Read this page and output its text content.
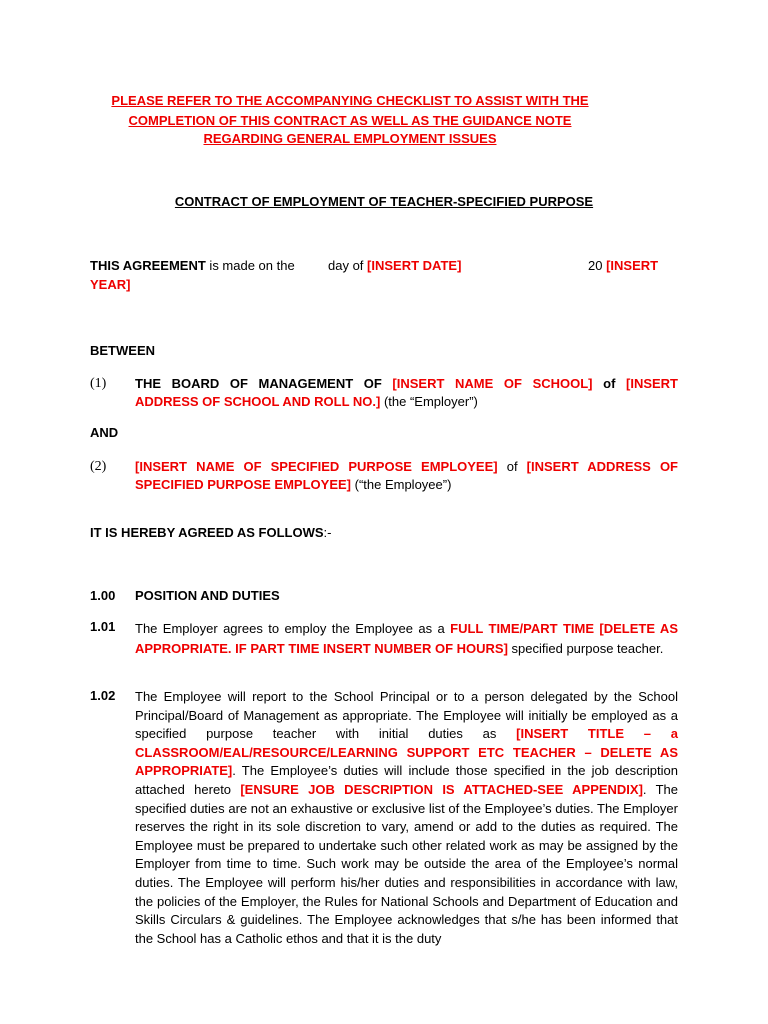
PLEASE REFER TO THE ACCOMPANYING CHECKLIST TO ASSIST WITH THE
COMPLETION OF THIS CONTRACT AS WELL AS THE GUIDANCE NOTE
REGARDING GENERAL EMPLOYMENT ISSUES
CONTRACT OF EMPLOYMENT OF TEACHER-SPECIFIED PURPOSE
THIS AGREEMENT is made on the	day of [INSERT DATE]	20 [INSERT
YEAR]
BETWEEN
(1) THE BOARD OF MANAGEMENT OF [INSERT NAME OF SCHOOL] of [INSERT
ADDRESS OF SCHOOL AND ROLL NO.] (the “Employer”)
AND
(2) [INSERT NAME OF SPECIFIED PURPOSE EMPLOYEE] of [INSERT ADDRESS OF
SPECIFIED PURPOSE EMPLOYEE] (“the Employee”)
IT IS HEREBY AGREED AS FOLLOWS:-
1.00 POSITION AND DUTIES
1.01 The Employer agrees to employ the Employee as a FULL TIME/PART TIME [DELETE AS APPROPRIATE. IF PART TIME INSERT NUMBER OF HOURS] specified purpose teacher.
1.02 The Employee will report to the School Principal or to a person delegated by the School Principal/Board of Management as appropriate. The Employee will initially be employed as a specified purpose teacher with initial duties as [INSERT TITLE – a CLASSROOM/EAL/RESOURCE/LEARNING SUPPORT ETC TEACHER – DELETE AS APPROPRIATE]. The Employee’s duties will include those specified in the job description attached hereto [ENSURE JOB DESCRIPTION IS ATTACHED-SEE APPENDIX]. The specified duties are not an exhaustive or exclusive list of the Employee’s duties. The Employer reserves the right in its sole discretion to vary, amend or add to the duties as required. The Employee must be prepared to undertake such other related work as may be assigned by the Employer from time to time. Such work may be outside the area of the Employee’s normal duties. The Employee will perform his/her duties and responsibilities in accordance with law, the policies of the Employer, the Rules for National Schools and Department of Education and Skills Circulars & guidelines. The Employee acknowledges that s/he has been informed that the School has a Catholic ethos and that it is the duty
